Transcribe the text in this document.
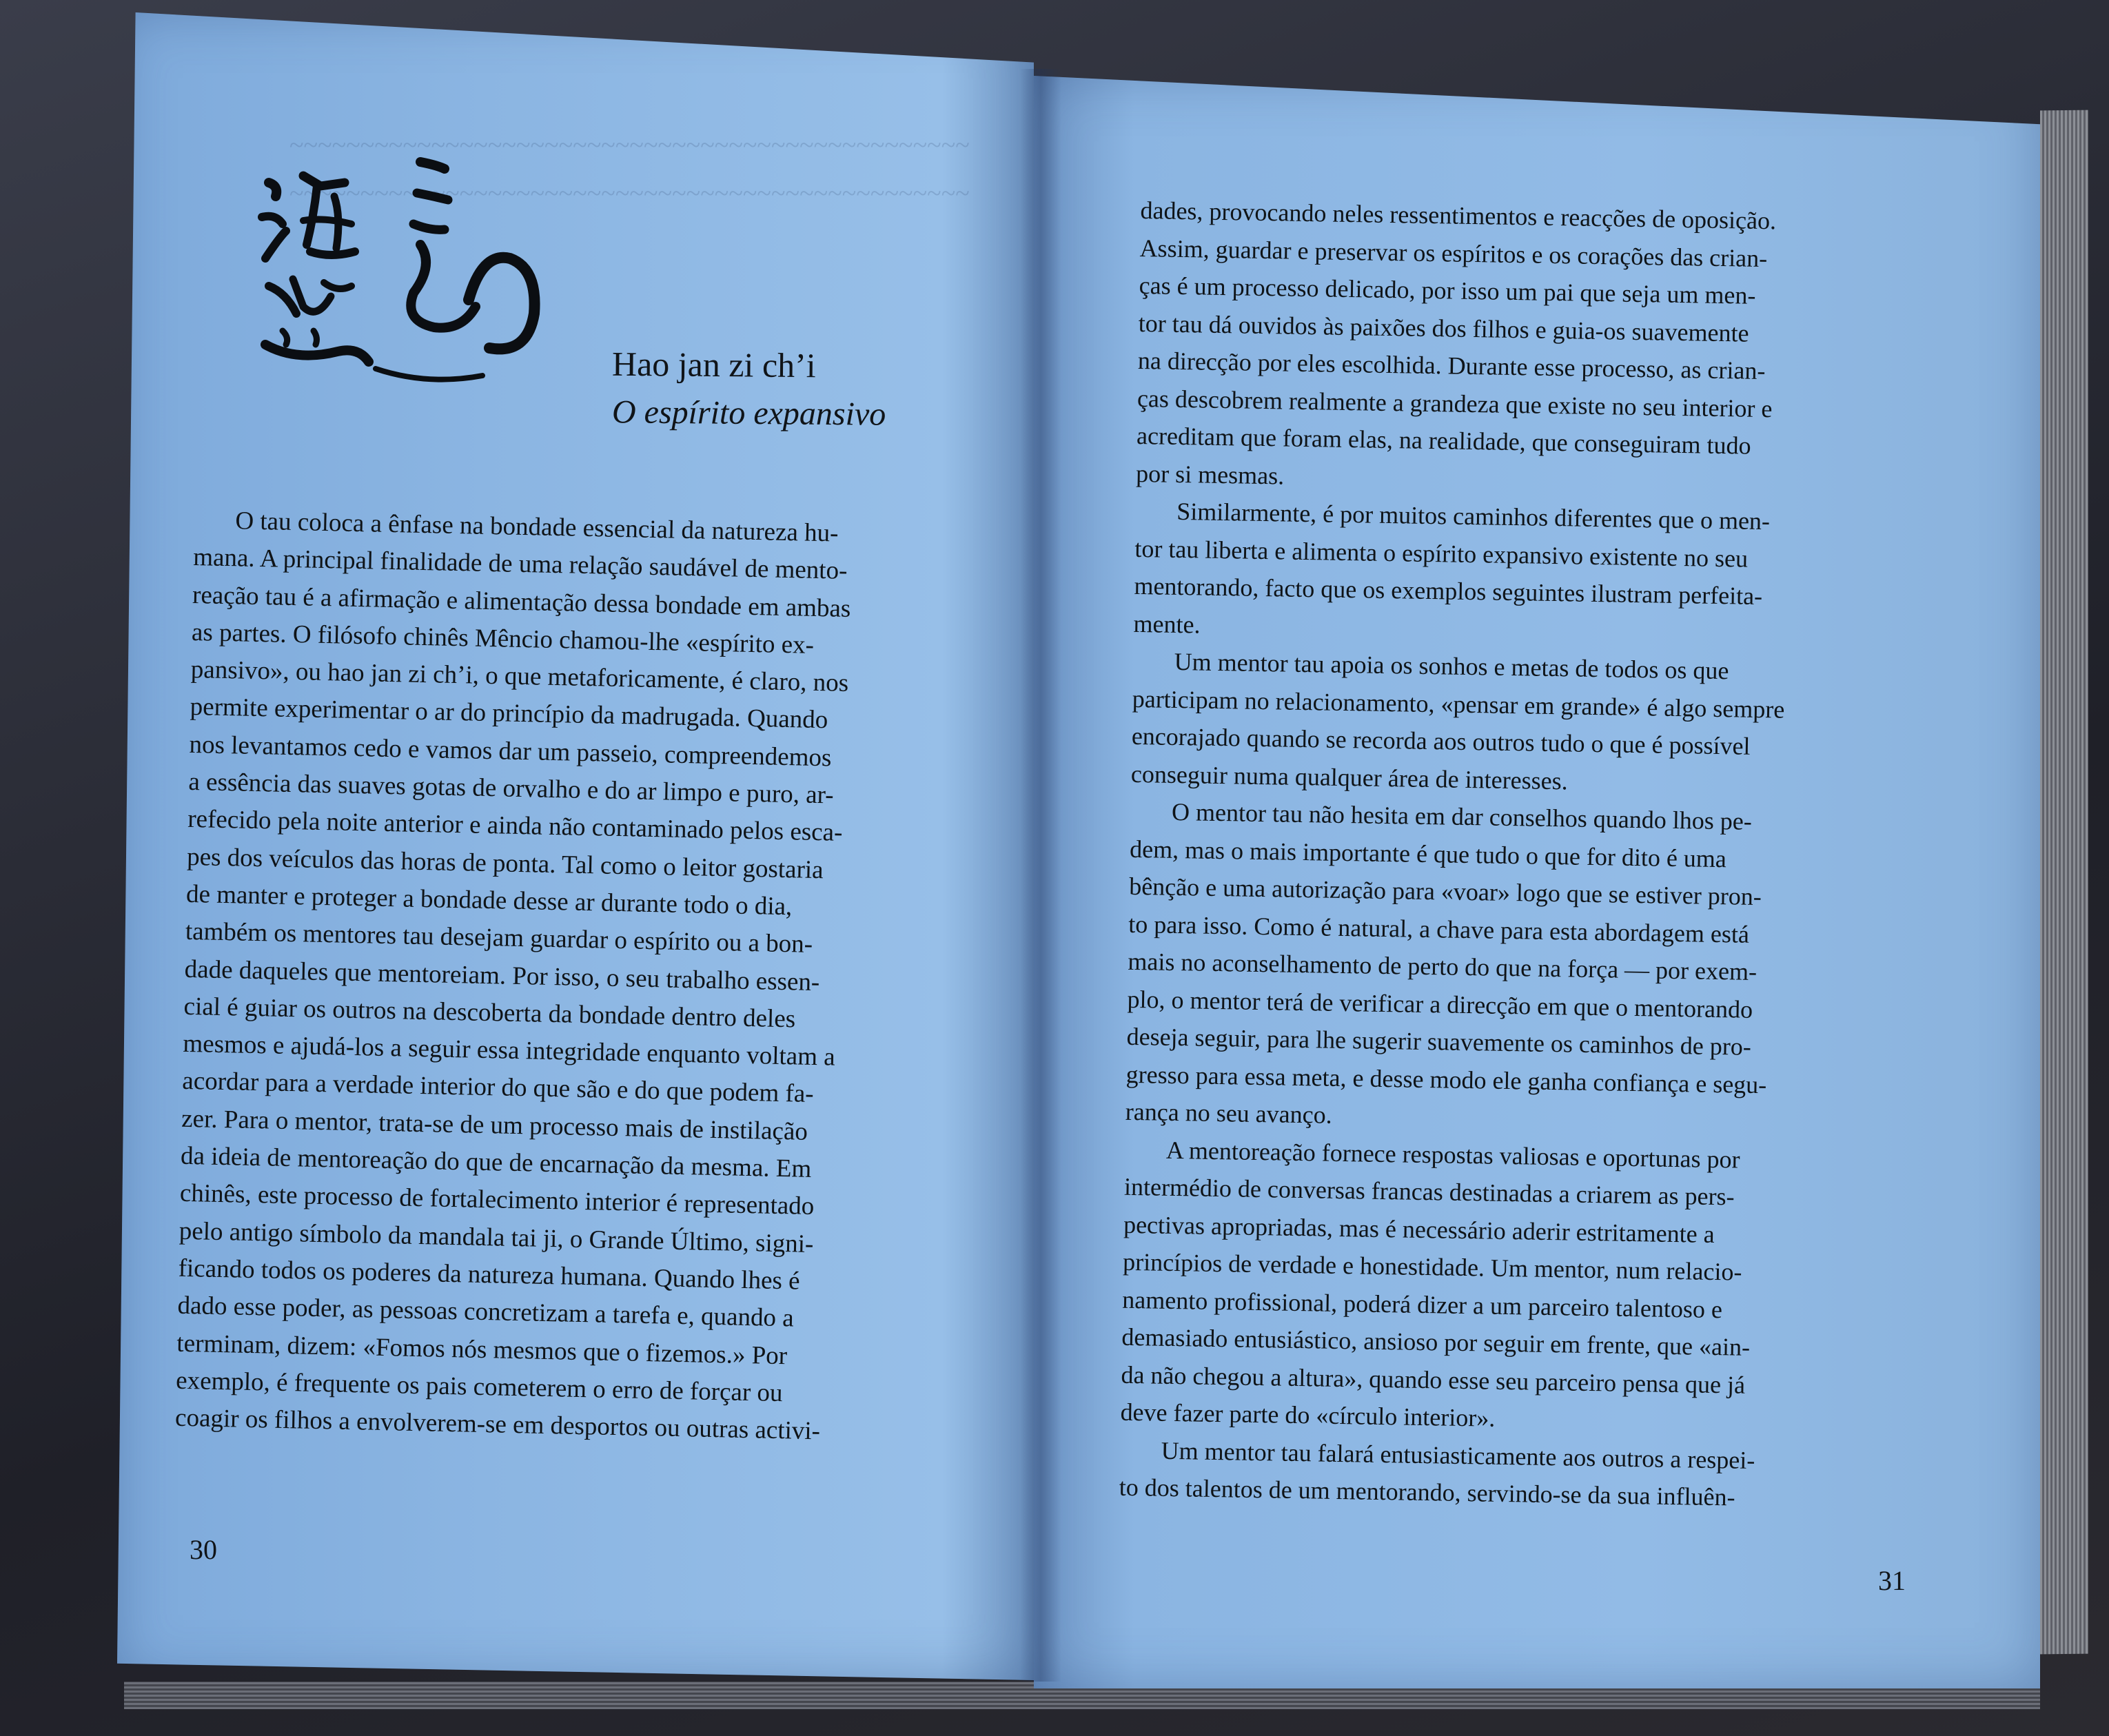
~~~~~~~~~~~~~~~~~~~~~~~~~~~~~~~~~~~~~~~~~~~~~~~~
~~~~~~~~~~~~~~~~~~~~~~~~~~~~~~~~~~~~~~~~~~~~~~~~
Hao jan zi ch’i
O espírito expansivo
O tau coloca a ênfase na bondade essencial da natureza hu-
mana. A principal finalidade de uma relação saudável de mento-
reação tau é a afirmação e alimentação dessa bondade em ambas
as partes. O filósofo chinês Mêncio chamou-lhe «espírito ex-
pansivo», ou hao jan zi ch’i, o que metaforicamente, é claro, nos
permite experimentar o ar do princípio da madrugada. Quando
nos levantamos cedo e vamos dar um passeio, compreendemos
a essência das suaves gotas de orvalho e do ar limpo e puro, ar-
refecido pela noite anterior e ainda não contaminado pelos esca-
pes dos veículos das horas de ponta. Tal como o leitor gostaria
de manter e proteger a bondade desse ar durante todo o dia,
também os mentores tau desejam guardar o espírito ou a bon-
dade daqueles que mentoreiam. Por isso, o seu trabalho essen-
cial é guiar os outros na descoberta da bondade dentro deles
mesmos e ajudá-los a seguir essa integridade enquanto voltam a
acordar para a verdade interior do que são e do que podem fa-
zer. Para o mentor, trata-se de um processo mais de instilação
da ideia de mentoreação do que de encarnação da mesma. Em
chinês, este processo de fortalecimento interior é representado
pelo antigo símbolo da mandala tai ji, o Grande Último, signi-
ficando todos os poderes da natureza humana. Quando lhes é
dado esse poder, as pessoas concretizam a tarefa e, quando a
terminam, dizem: «Fomos nós mesmos que o fizemos.» Por
exemplo, é frequente os pais cometerem o erro de forçar ou
coagir os filhos a envolverem-se em desportos ou outras activi-
dades, provocando neles ressentimentos e reacções de oposição.
Assim, guardar e preservar os espíritos e os corações das crian-
ças é um processo delicado, por isso um pai que seja um men-
tor tau dá ouvidos às paixões dos filhos e guia-os suavemente
na direcção por eles escolhida. Durante esse processo, as crian-
ças descobrem realmente a grandeza que existe no seu interior e
acreditam que foram elas, na realidade, que conseguiram tudo
por si mesmas.
Similarmente, é por muitos caminhos diferentes que o men-
tor tau liberta e alimenta o espírito expansivo existente no seu
mentorando, facto que os exemplos seguintes ilustram perfeita-
mente.
Um mentor tau apoia os sonhos e metas de todos os que
participam no relacionamento, «pensar em grande» é algo sempre
encorajado quando se recorda aos outros tudo o que é possível
conseguir numa qualquer área de interesses.
O mentor tau não hesita em dar conselhos quando lhos pe-
dem, mas o mais importante é que tudo o que for dito é uma
bênção e uma autorização para «voar» logo que se estiver pron-
to para isso. Como é natural, a chave para esta abordagem está
mais no aconselhamento de perto do que na força — por exem-
plo, o mentor terá de verificar a direcção em que o mentorando
deseja seguir, para lhe sugerir suavemente os caminhos de pro-
gresso para essa meta, e desse modo ele ganha confiança e segu-
rança no seu avanço.
A mentoreação fornece respostas valiosas e oportunas por
intermédio de conversas francas destinadas a criarem as pers-
pectivas apropriadas, mas é necessário aderir estritamente a
princípios de verdade e honestidade. Um mentor, num relacio-
namento profissional, poderá dizer a um parceiro talentoso e
demasiado entusiástico, ansioso por seguir em frente, que «ain-
da não chegou a altura», quando esse seu parceiro pensa que já
deve fazer parte do «círculo interior».
Um mentor tau falará entusiasticamente aos outros a respei-
to dos talentos de um mentorando, servindo-se da sua influên-
30
31
